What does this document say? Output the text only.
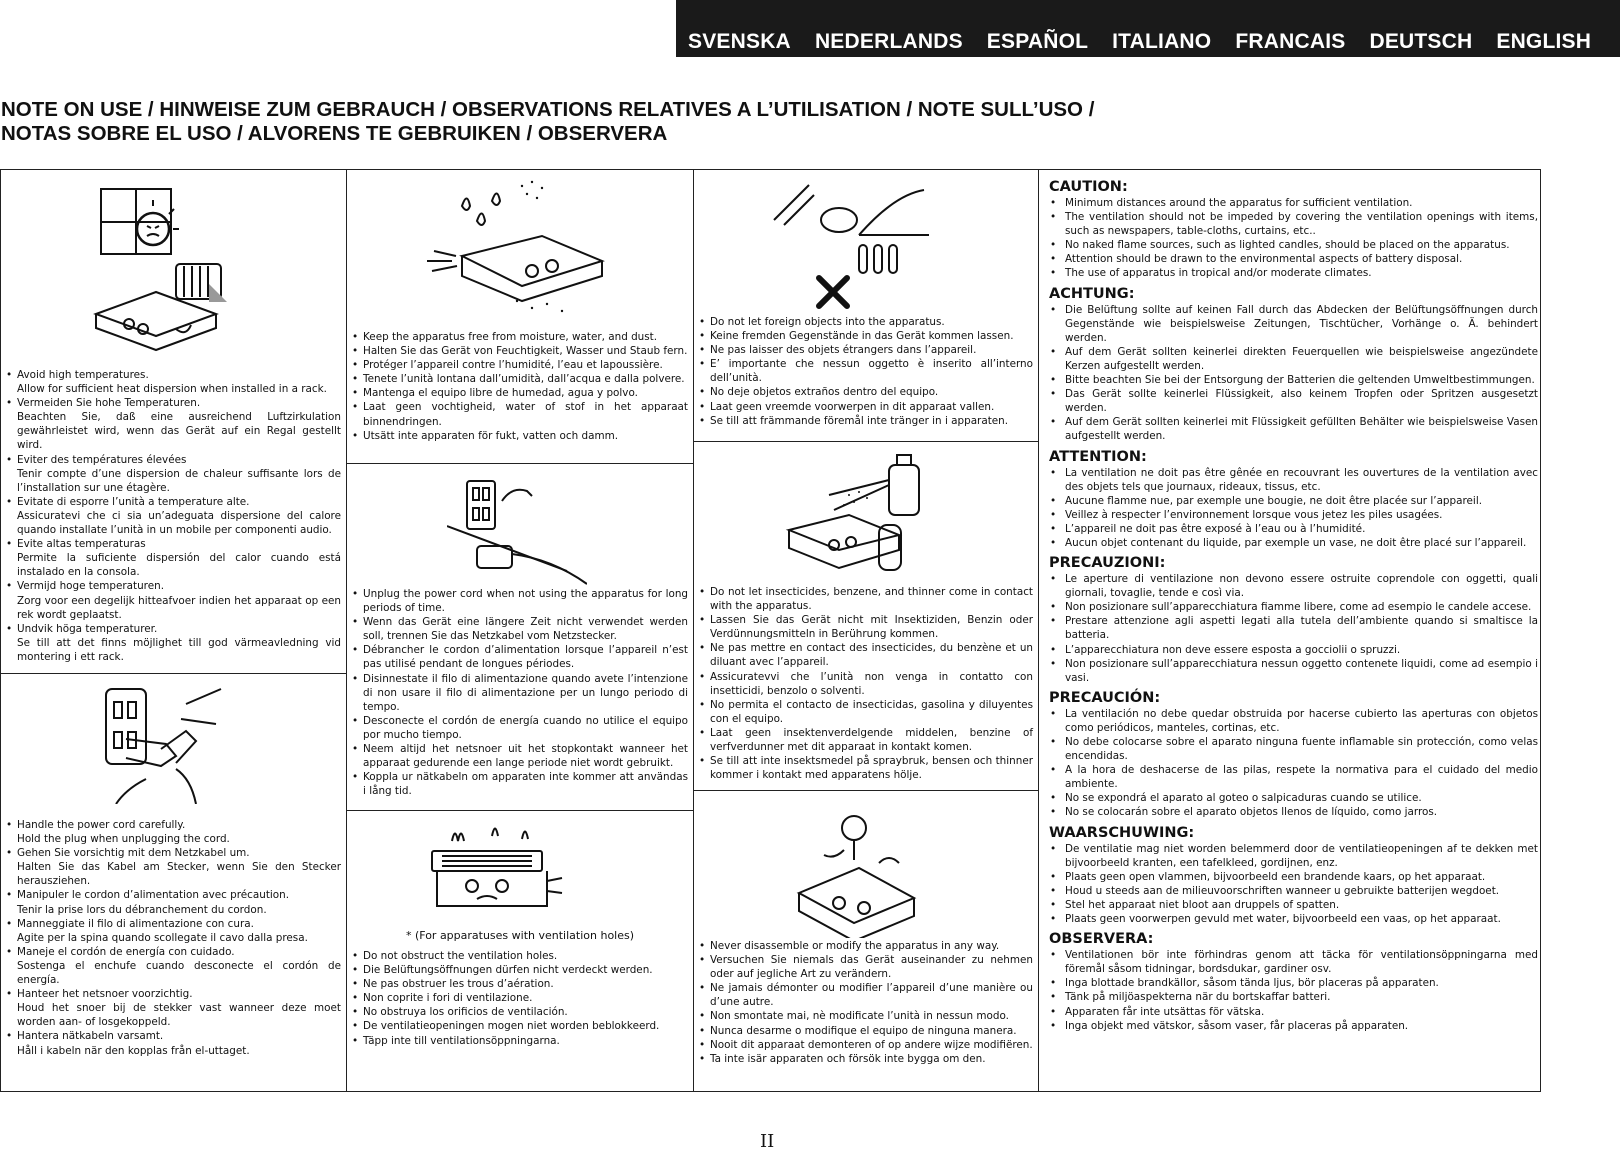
SVENSKA NEDERLANDS ESPAÑOL ITALIANO FRANCAIS DEUTSCH ENGLISH
NOTE ON USE / HINWEISE ZUM GEBRAUCH / OBSERVATIONS RELATIVES A L’UTILISATION / NOTE SULL’USO /
NOTAS SOBRE EL USO / ALVORENS TE GEBRUIKEN / OBSERVERA
• Avoid high temperatures.
Allow for sufficient heat dispersion when installed in a rack.
• Vermeiden Sie hohe Temperaturen.
Beachten Sie, daß eine ausreichend Luftzirkulation gewährleistet wird, wenn das Gerät auf ein Regal gestellt wird.
• Eviter des températures élevées
Tenir compte d’une dispersion de chaleur suffisante lors de l’installation sur une étagère.
• Evitate di esporre l’unità a temperature alte.
Assicuratevi che ci sia un’adeguata dispersione del calore quando installate l’unità in un mobile per componenti audio.
• Evite altas temperaturas
Permite la suficiente dispersión del calor cuando está instalado en la consola.
• Vermijd hoge temperaturen.
Zorg voor een degelijk hitteafvoer indien het apparaat op een rek wordt geplaatst.
• Undvik höga temperaturer.
Se till att det finns möjlighet till god värmeavledning vid montering i ett rack.
• Handle the power cord carefully.
Hold the plug when unplugging the cord.
• Gehen Sie vorsichtig mit dem Netzkabel um.
Halten Sie das Kabel am Stecker, wenn Sie den Stecker herausziehen.
• Manipuler le cordon d’alimentation avec précaution.
Tenir la prise lors du débranchement du cordon.
• Manneggiate il filo di alimentazione con cura.
Agite per la spina quando scollegate il cavo dalla presa.
• Maneje el cordón de energía con cuidado.
Sostenga el enchufe cuando desconecte el cordón de energía.
• Hanteer het netsnoer voorzichtig.
Houd het snoer bij de stekker vast wanneer deze moet worden aan- of losgekoppeld.
• Hantera nätkabeln varsamt.
Håll i kabeln när den kopplas från el-uttaget.
• Keep the apparatus free from moisture, water, and dust.
• Halten Sie das Gerät von Feuchtigkeit, Wasser und Staub fern.
• Protéger l’appareil contre l’humidité, l’eau et lapoussière.
• Tenete l’unità lontana dall’umidità, dall’acqua e dalla polvere.
• Mantenga el equipo libre de humedad, agua y polvo.
• Laat geen vochtigheid, water of stof in het apparaat binnendringen.
• Utsätt inte apparaten för fukt, vatten och damm.
• Unplug the power cord when not using the apparatus for long periods of time.
• Wenn das Gerät eine längere Zeit nicht verwendet werden soll, trennen Sie das Netzkabel vom Netzstecker.
• Débrancher le cordon d’alimentation lorsque l’appareil n’est pas utilisé pendant de longues périodes.
• Disinnestate il filo di alimentazione quando avete l’intenzione di non usare il filo di alimentazione per un lungo periodo di tempo.
• Desconecte el cordón de energía cuando no utilice el equipo por mucho tiempo.
• Neem altijd het netsnoer uit het stopkontakt wanneer het apparaat gedurende een lange periode niet wordt gebruikt.
• Koppla ur nätkabeln om apparaten inte kommer att användas i lång tid.
* (For apparatuses with ventilation holes)
• Do not obstruct the ventilation holes.
• Die Belüftungsöffnungen dürfen nicht verdeckt werden.
• Ne pas obstruer les trous d’aération.
• Non coprite i fori di ventilazione.
• No obstruya los orificios de ventilación.
• De ventilatieopeningen mogen niet worden beblokkeerd.
• Täpp inte till ventilationsöppningarna.
• Do not let foreign objects into the apparatus.
• Keine fremden Gegenstände in das Gerät kommen lassen.
• Ne pas laisser des objets étrangers dans l’appareil.
• E’ importante che nessun oggetto è inserito all’interno dell’unità.
• No deje objetos extraños dentro del equipo.
• Laat geen vreemde voorwerpen in dit apparaat vallen.
• Se till att främmande föremål inte tränger in i apparaten.
• Do not let insecticides, benzene, and thinner come in contact with the apparatus.
• Lassen Sie das Gerät nicht mit Insektiziden, Benzin oder Verdünnungsmitteln in Berührung kommen.
• Ne pas mettre en contact des insecticides, du benzène et un diluant avec l’appareil.
• Assicuratevvi che l’unità non venga in contatto con insetticidi, benzolo o solventi.
• No permita el contacto de insecticidas, gasolina y diluyentes con el equipo.
• Laat geen insektenverdelgende middelen, benzine of verfverdunner met dit apparaat in kontakt komen.
• Se till att inte insektsmedel på spraybruk, bensen och thinner kommer i kontakt med apparatens hölje.
• Never disassemble or modify the apparatus in any way.
• Versuchen Sie niemals das Gerät auseinander zu nehmen oder auf jegliche Art zu verändern.
• Ne jamais démonter ou modifier l’appareil d’une manière ou d’une autre.
• Non smontate mai, nè modificate l’unità in nessun modo.
• Nunca desarme o modifique el equipo de ninguna manera.
• Nooit dit apparaat demonteren of op andere wijze modifiëren.
• Ta inte isär apparaten och försök inte bygga om den.
CAUTION:
• Minimum distances around the apparatus for sufficient ventilation.
• The ventilation should not be impeded by covering the ventilation openings with items, such as newspapers, table-cloths, curtains, etc..
• No naked flame sources, such as lighted candles, should be placed on the apparatus.
• Attention should be drawn to the environmental aspects of battery disposal.
• The use of apparatus in tropical and/or moderate climates.
ACHTUNG:
• Die Belüftung sollte auf keinen Fall durch das Abdecken der Belüftungsöffnungen durch Gegenstände wie beispielsweise Zeitungen, Tischtücher, Vorhänge o. Ä. behindert werden.
• Auf dem Gerät sollten keinerlei direkten Feuerquellen wie beispielsweise angezündete Kerzen aufgestellt werden.
• Bitte beachten Sie bei der Entsorgung der Batterien die geltenden Umweltbestimmungen.
• Das Gerät sollte keinerlei Flüssigkeit, also keinem Tropfen oder Spritzen ausgesetzt werden.
• Auf dem Gerät sollten keinerlei mit Flüssigkeit gefüllten Behälter wie beispielsweise Vasen aufgestellt werden.
ATTENTION:
• La ventilation ne doit pas être gênée en recouvrant les ouvertures de la ventilation avec des objets tels que journaux, rideaux, tissus, etc.
• Aucune flamme nue, par exemple une bougie, ne doit être placée sur l’appareil.
• Veillez à respecter l’environnement lorsque vous jetez les piles usagées.
• L’appareil ne doit pas être exposé à l’eau ou à l’humidité.
• Aucun objet contenant du liquide, par exemple un vase, ne doit être placé sur l’appareil.
PRECAUZIONI:
• Le aperture di ventilazione non devono essere ostruite coprendole con oggetti, quali giornali, tovaglie, tende e così via.
• Non posizionare sull’apparecchiatura fiamme libere, come ad esempio le candele accese.
• Prestare attenzione agli aspetti legati alla tutela dell’ambiente quando si smaltisce la batteria.
• L’apparecchiatura non deve essere esposta a gocciolii o spruzzi.
• Non posizionare sull’apparecchiatura nessun oggetto contenete liquidi, come ad esempio i vasi.
PRECAUCIÓN:
• La ventilación no debe quedar obstruida por hacerse cubierto las aperturas con objetos como periódicos, manteles, cortinas, etc.
• No debe colocarse sobre el aparato ninguna fuente inflamable sin protección, como velas encendidas.
• A la hora de deshacerse de las pilas, respete la normativa para el cuidado del medio ambiente.
• No se expondrá el aparato al goteo o salpicaduras cuando se utilice.
• No se colocarán sobre el aparato objetos llenos de líquido, como jarros.
WAARSCHUWING:
• De ventilatie mag niet worden belemmerd door de ventilatieopeningen af te dekken met bijvoorbeeld kranten, een tafelkleed, gordijnen, enz.
• Plaats geen open vlammen, bijvoorbeeld een brandende kaars, op het apparaat.
• Houd u steeds aan de milieuvoorschriften wanneer u gebruikte batterijen wegdoet.
• Stel het apparaat niet bloot aan druppels of spatten.
• Plaats geen voorwerpen gevuld met water, bijvoorbeeld een vaas, op het apparaat.
OBSERVERA:
• Ventilationen bör inte förhindras genom att täcka för ventilationsöppningarna med föremål såsom tidningar, bordsdukar, gardiner osv.
• Inga blottade brandkällor, såsom tända ljus, bör placeras på apparaten.
• Tänk på miljöaspekterna när du bortskaffar batteri.
• Apparaten får inte utsättas för vätska.
• Inga objekt med vätskor, såsom vaser, får placeras på apparaten.
II
